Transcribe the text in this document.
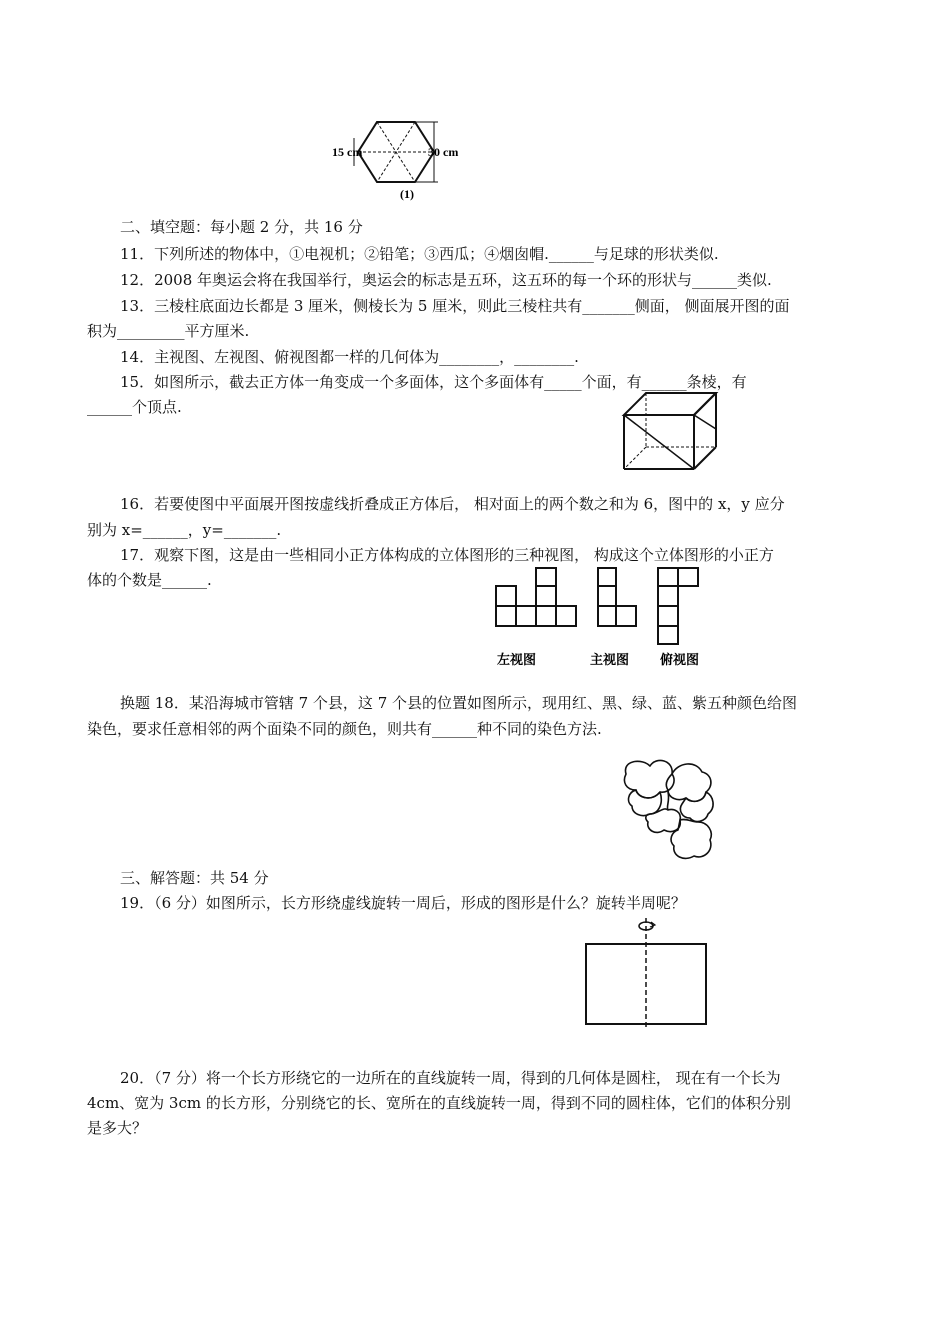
15 cm	30 cm
(1)
二、填空题：每小题 2 分，共 16 分
11．下列所述的物体中，①电视机；②铅笔；③西瓜；④烟囱帽.______与足球的形状类似.
12．2008 年奥运会将在我国举行，奥运会的标志是五环，这五环的每一个环的形状与______类似.
13．三棱柱底面边长都是 3 厘米，侧棱长为 5 厘米，则此三棱柱共有_______侧面， 侧面展开图的面
积为_________平方厘米.
14．主视图、左视图、俯视图都一样的几何体为________，________.
15．如图所示，截去正方体一角变成一个多面体，这个多面体有_____个面，有______条棱，有
______个顶点.
16．若要使图中平面展开图按虚线折叠成正方体后， 相对面上的两个数之和为 6，图中的 x，y 应分
别为 x=______，y=_______.
17．观察下图，这是由一些相同小正方体构成的立体图形的三种视图， 构成这个立体图形的小正方
体的个数是______.
左视图	主视图 俯视图
换题 18．某沿海城市管辖 7 个县，这 7 个县的位置如图所示，现用红、黑、绿、蓝、紫五种颜色给图
染色，要求任意相邻的两个面染不同的颜色，则共有______种不同的染色方法.
三、解答题：共 54 分
19．（6 分）如图所示，长方形绕虚线旋转一周后，形成的图形是什么？旋转半周呢？
20．（7 分）将一个长方形绕它的一边所在的直线旋转一周，得到的几何体是圆柱， 现在有一个长为
4cm、宽为 3cm 的长方形，分别绕它的长、宽所在的直线旋转一周，得到不同的圆柱体，它们的体积分别
是多大？
